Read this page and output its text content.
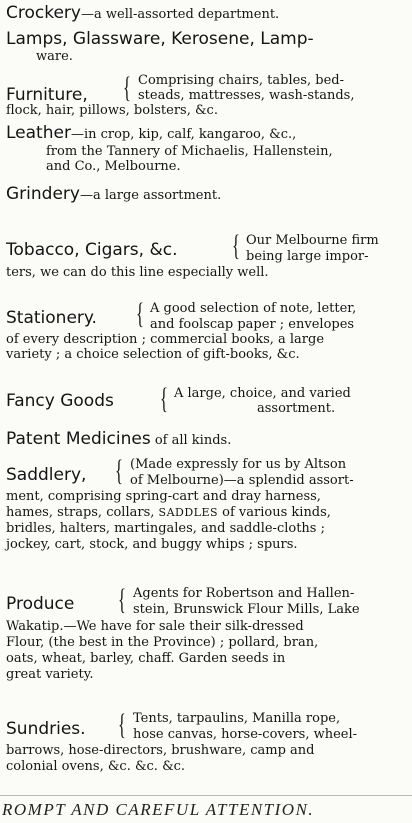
Crockery—a well-assorted department.
Lamps, Glassware, Kerosene, Lamp-
ware.
Furniture, { Comprising chairs, tables, bed-
steads, mattresses, wash-stands,
flock, hair, pillows, bolsters, &c.
Leather—in crop, kip, calf, kangaroo, &c.,
from the Tannery of Michaelis, Hallenstein,
and Co., Melbourne.
Grindery—a large assortment.
Tobacco, Cigars, &c. { Our Melbourne firm
being large impor-
ters, we can do this line especially well.
Stationery. { A good selection of note, letter,
and foolscap paper ; envelopes
of every description ; commercial books, a large
variety ; a choice selection of gift-books, &c.
Fancy Goods { A large, choice, and varied
assortment.
Patent Medicines of all kinds.
Saddlery, { (Made expressly for us by Altson
of Melbourne)—a splendid assort-
ment, comprising spring-cart and dray harness,
hames, straps, collars, SADDLES of various kinds,
bridles, halters, martingales, and saddle-cloths ;
jockey, cart, stock, and buggy whips ; spurs.
Produce { Agents for Robertson and Hallen-
stein, Brunswick Flour Mills, Lake
Wakatip.—We have for sale their silk-dressed
Flour, (the best in the Province) ; pollard, bran,
oats, wheat, barley, chaff. Garden seeds in
great variety.
Sundries. { Tents, tarpaulins, Manilla rope,
hose canvas, horse-covers, wheel-
barrows, hose-directors, brushware, camp and
colonial ovens, &c. &c. &c.
ROMPT AND CAREFUL ATTENTION.
